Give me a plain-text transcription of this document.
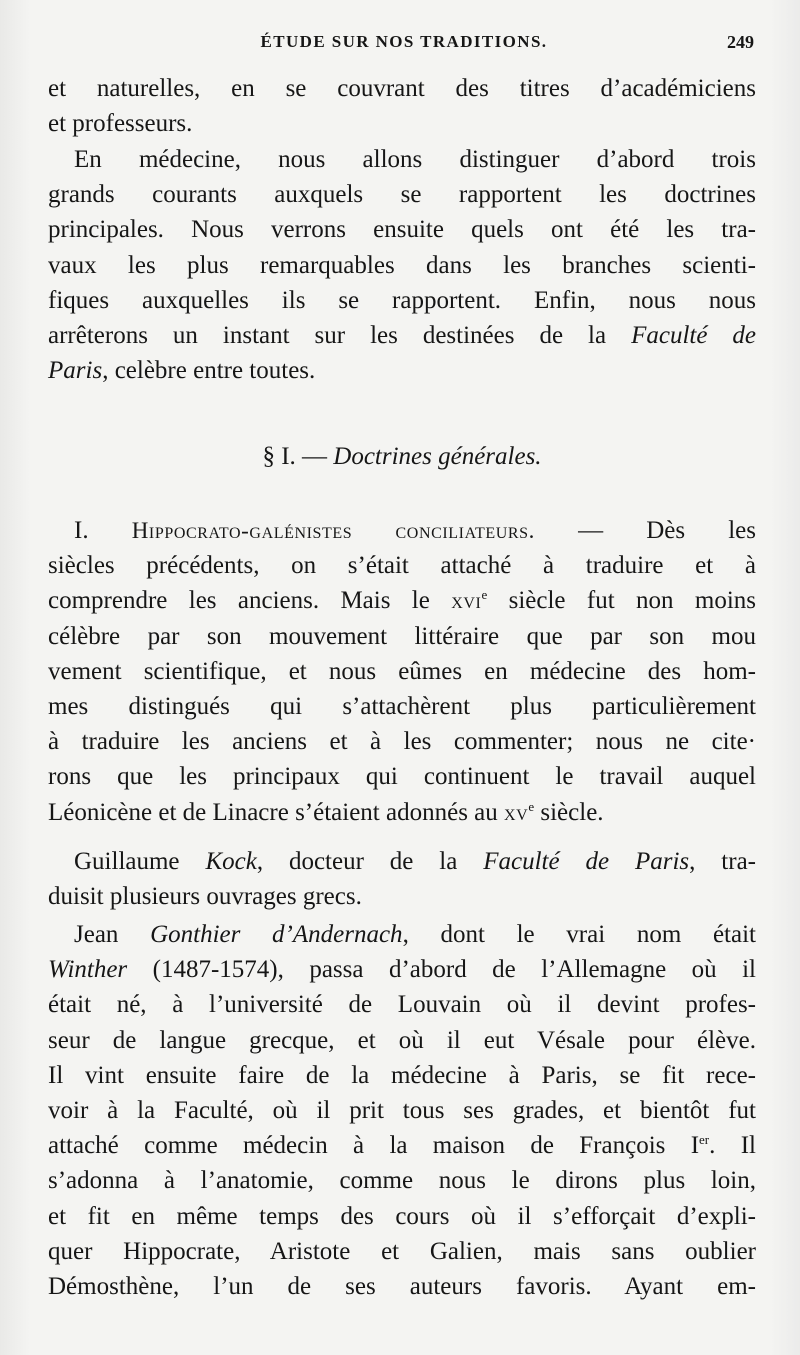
ÉTUDE SUR NOS TRADITIONS.	249
et naturelles, en se couvrant des titres d’académiciens
et professeurs.
En médecine, nous allons distinguer d’abord trois
grands courants auxquels se rapportent les doctrines
principales. Nous verrons ensuite quels ont été les tra-
vaux les plus remarquables dans les branches scienti-
fiques auxquelles ils se rapportent. Enfin, nous nous
arrêterons un instant sur les destinées de la Faculté de
Paris, celèbre entre toutes.
§ I. — Doctrines générales.
I. Hippocrato-galénistes conciliateurs. — Dès les
siècles précédents, on s’était attaché à traduire et à
comprendre les anciens. Mais le xvi$^e$ siècle fut non moins
célèbre par son mouvement littéraire que par son mou
vement scientifique, et nous eûmes en médecine des hom-
mes distingués qui s’attachèrent plus particulièrement
à traduire les anciens et à les commenter; nous ne cite·
rons que les principaux qui continuent le travail auquel
Léonicène et de Linacre s’étaient adonnés au $xv^e$ siècle.
Guillaume Kock, docteur de la Faculté de Paris, tra-
duisit plusieurs ouvrages grecs.
Jean Gonthier d’Andernach, dont le vrai nom était
Winther (1487-1574), passa d’abord de l’Allemagne où il
était né, à l’université de Louvain où il devint profes-
seur de langue grecque, et où il eut Vésale pour élève.
Il vint ensuite faire de la médecine à Paris, se fit rece-
voir à la Faculté, où il prit tous ses grades, et bientôt fut
attaché comme médecin à la maison de François Ier. Il
s’adonna à l’anatomie, comme nous le dirons plus loin,
et fit en même temps des cours où il s’efforçait d’expli-
quer Hippocrate, Aristote et Galien, mais sans oublier
Démosthène, l’un de ses auteurs favoris. Ayant em-
